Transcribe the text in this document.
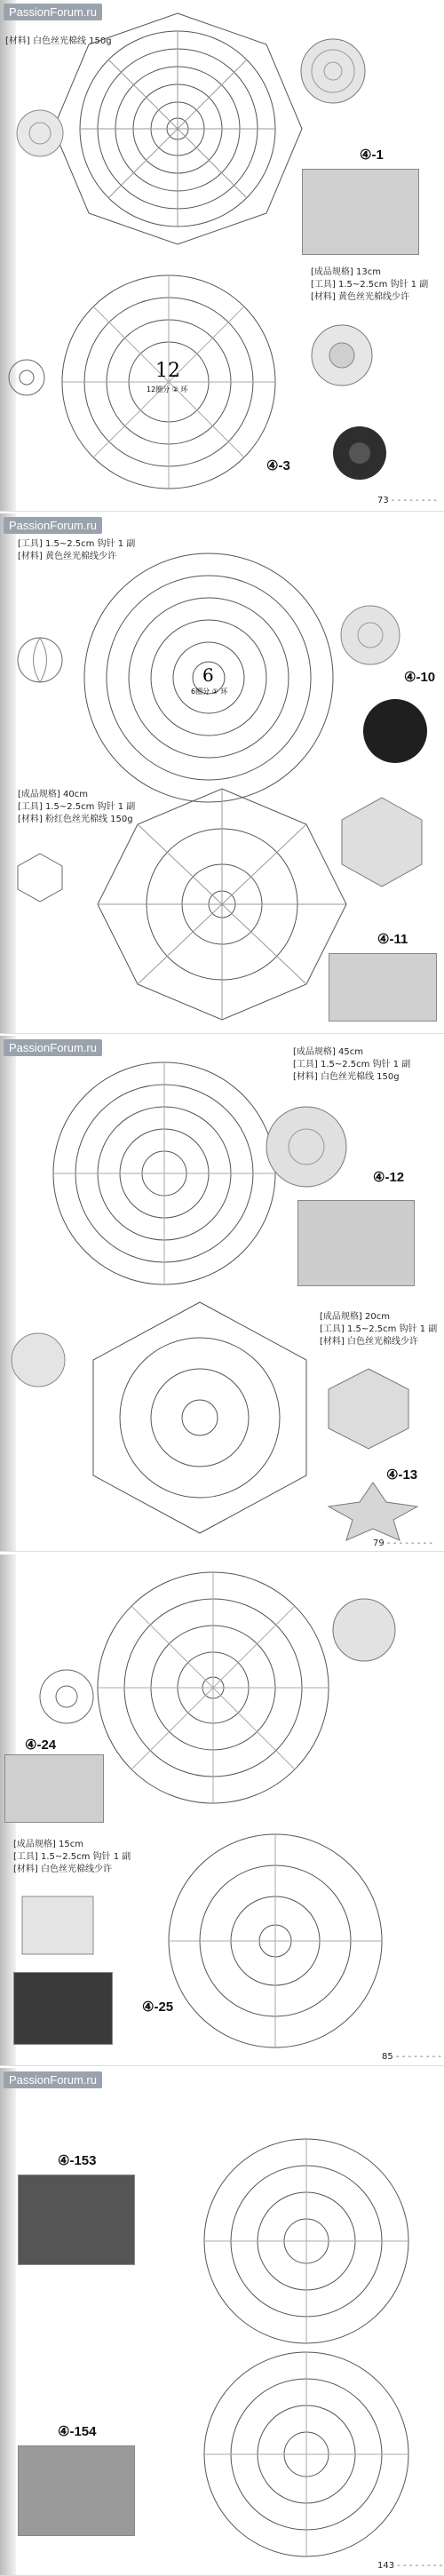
PassionForum.ru
[材料] 白色丝光棉线 150g
④-1
12
12圈分 ② 环
[成品规格] 13cm
[工具] 1.5~2.5cm 钩针 1 副
[材料] 黄色丝光棉线少许
④-3
73 - - -
PassionForum.ru
[工具] 1.5~2.5cm 钩针 1 副
[材料] 黄色丝光棉线少许
6
6圈分 ① 环
④-10
[成品规格] 40cm
[工具] 1.5~2.5cm 钩针 1 副
[材料] 粉红色丝光棉线 150g
④-11
PassionForum.ru	[成品规格] 45cm
[工具] 1.5~2.5cm 钩针 1 副
[材料] 白色丝光棉线 150g
④-12
[成品规格] 20cm
[工具] 1.5~2.5cm 钩针 1 副
[材料] 白色丝光棉线少许
④-13
79 - - -
④-24
[成品规格] 15cm
[工具] 1.5~2.5cm 钩针 1 副
[材料] 白色丝光棉线少许
④-25
85 - - -
PassionForum.ru
④-153
④-154
143 - - -
